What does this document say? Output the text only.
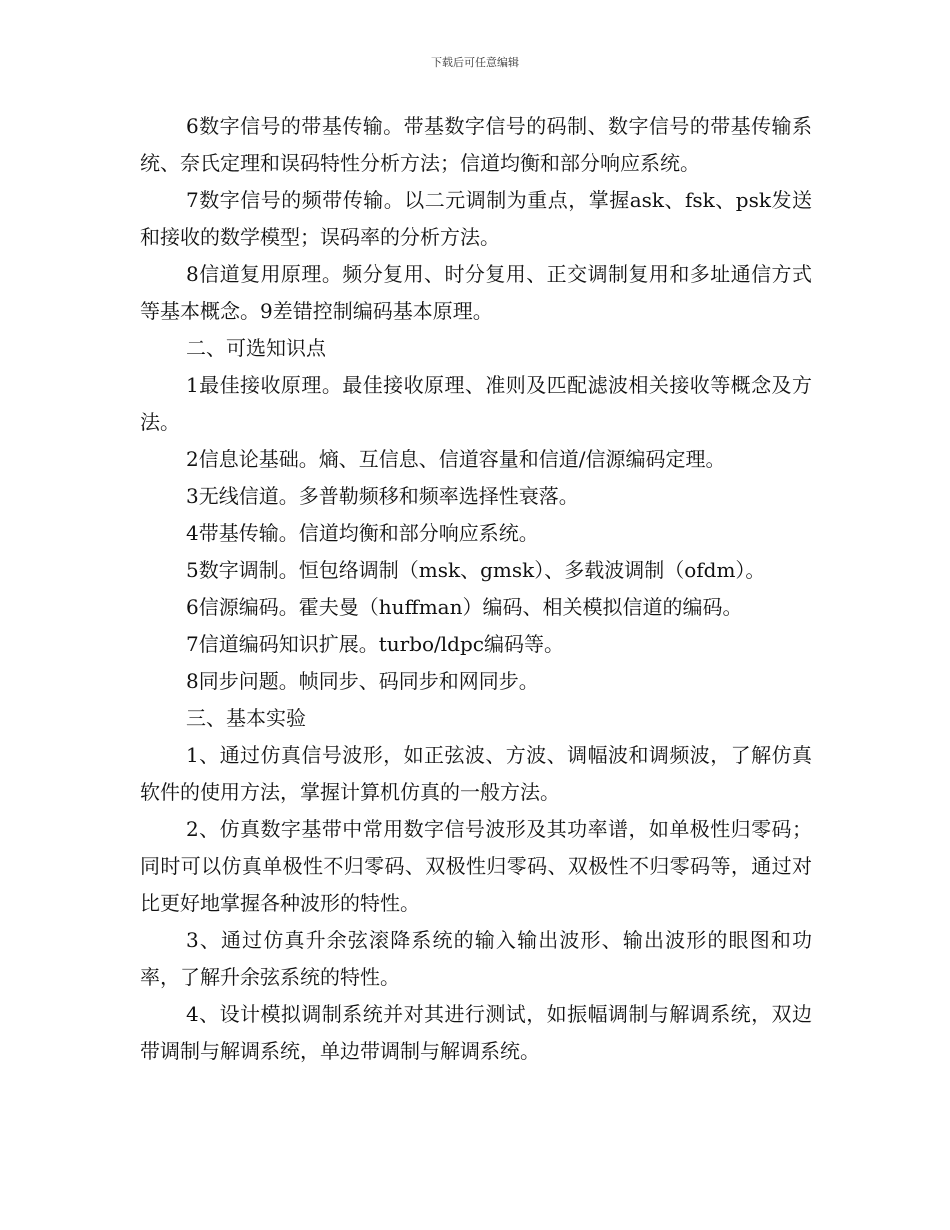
下载后可任意编辑

6数字信号的带基传输。带基数字信号的码制、数字信号的带基传输系统、奈氏定理和误码特性分析方法；信道均衡和部分响应系统。

7数字信号的频带传输。以二元调制为重点，掌握ask、fsk、psk发送和接收的数学模型；误码率的分析方法。

8信道复用原理。频分复用、时分复用、正交调制复用和多址通信方式等基本概念。9差错控制编码基本原理。

二、可选知识点

1最佳接收原理。最佳接收原理、准则及匹配滤波相关接收等概念及方法。

2信息论基础。熵、互信息、信道容量和信道/信源编码定理。

3无线信道。多普勒频移和频率选择性衰落。

4带基传输。信道均衡和部分响应系统。

5数字调制。恒包络调制（msk、gmsk）、多载波调制（ofdm）。

6信源编码。霍夫曼（huffman）编码、相关模拟信道的编码。

7信道编码知识扩展。turbo/ldpc编码等。

8同步问题。帧同步、码同步和网同步。

三、基本实验

1、通过仿真信号波形，如正弦波、方波、调幅波和调频波，了解仿真软件的使用方法，掌握计算机仿真的一般方法。

2、仿真数字基带中常用数字信号波形及其功率谱，如单极性归零码；同时可以仿真单极性不归零码、双极性归零码、双极性不归零码等，通过对比更好地掌握各种波形的特性。

3、通过仿真升余弦滚降系统的输入输出波形、输出波形的眼图和功率，了解升余弦系统的特性。

4、设计模拟调制系统并对其进行测试，如振幅调制与解调系统，双边带调制与解调系统，单边带调制与解调系统。
